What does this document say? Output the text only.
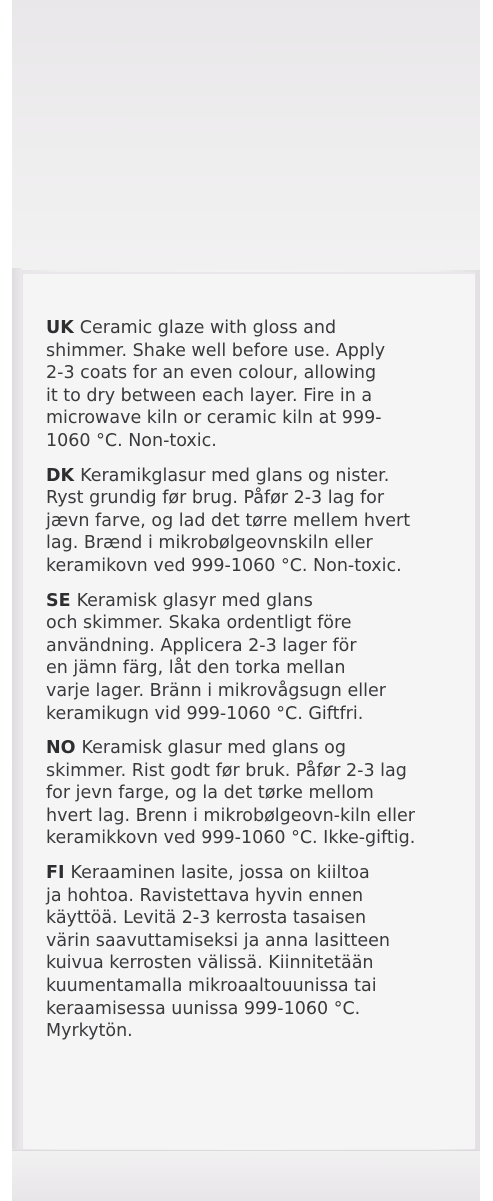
UK Ceramic glaze with gloss and
shimmer. Shake well before use. Apply
2-3 coats for an even colour, allowing
it to dry between each layer. Fire in a
microwave kiln or ceramic kiln at 999-
1060 °C. Non-toxic.

DK Keramikglasur med glans og nister.
Ryst grundig før brug. Påfør 2-3 lag for
jævn farve, og lad det tørre mellem hvert
lag. Brænd i mikrobølgeovnskiln eller
keramikovn ved 999-1060 °C. Non-toxic.

SE Keramisk glasyr med glans
och skimmer. Skaka ordentligt före
användning. Applicera 2-3 lager för
en jämn färg, låt den torka mellan
varje lager. Bränn i mikrovågsugn eller
keramikugn vid 999-1060 °C. Giftfri.

NO Keramisk glasur med glans og
skimmer. Rist godt før bruk. Påfør 2-3 lag
for jevn farge, og la det tørke mellom
hvert lag. Brenn i mikrobølgeovn-kiln eller
keramikkovn ved 999-1060 °C. Ikke-giftig.

FI Keraaminen lasite, jossa on kiiltoa
ja hohtoa. Ravistettava hyvin ennen
käyttöä. Levitä 2-3 kerrosta tasaisen
värin saavuttamiseksi ja anna lasitteen
kuivua kerrosten välissä. Kiinnitetään
kuumentamalla mikroaaltouunissa tai
keraamisessa uunissa 999-1060 °C.
Myrkytön.
